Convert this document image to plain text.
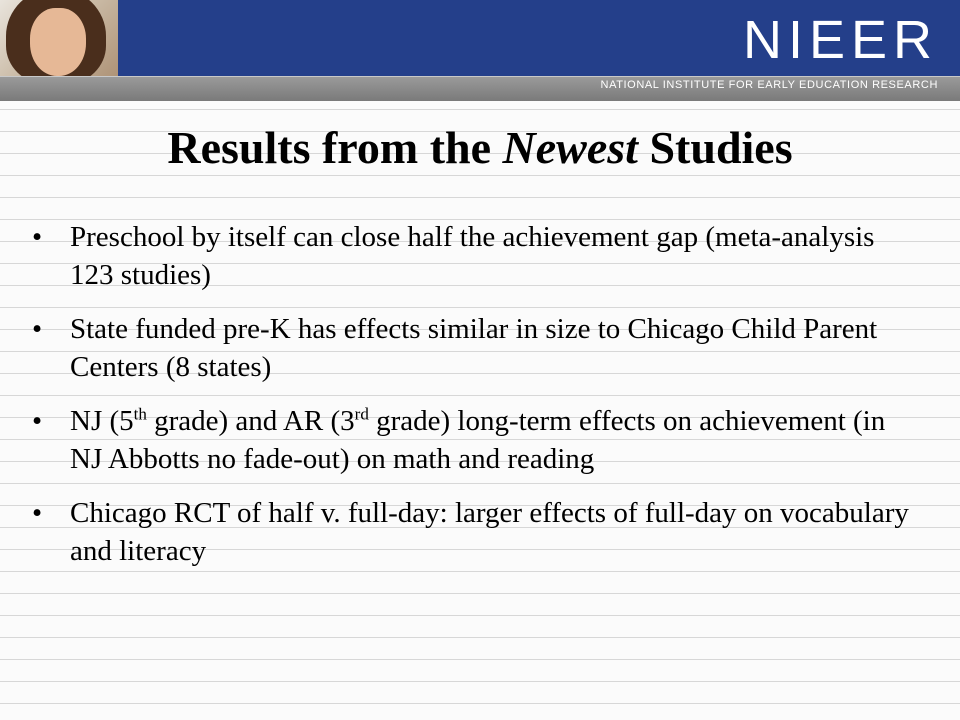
NIEER
NATIONAL INSTITUTE FOR EARLY EDUCATION RESEARCH
Results from the Newest Studies
• Preschool by itself can close half the achievement gap (meta-analysis 123 studies)
• State funded pre-K has effects similar in size to Chicago Child Parent Centers (8 states)
• NJ (5th grade) and AR (3rd grade) long-term effects on achievement (in NJ Abbotts no fade-out) on math and reading
• Chicago RCT of half v. full-day: larger effects of full-day on vocabulary and literacy
